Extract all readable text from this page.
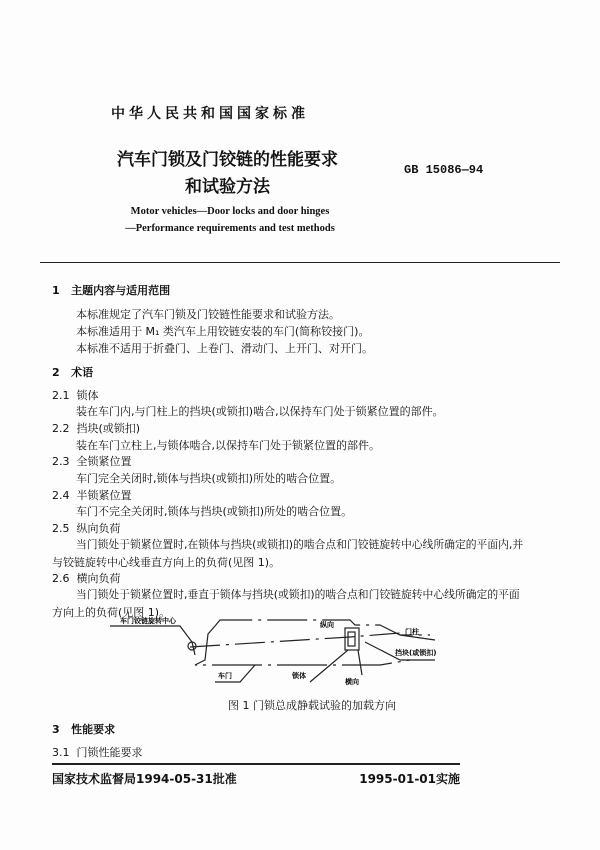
中华人民共和国国家标准
汽车门锁及门铰链的性能要求
和试验方法
GB 15086—94
Motor vehicles—Door locks and door hinges
—Performance requirements and test methods
1 主题内容与适用范围
本标准规定了汽车门锁及门铰链性能要求和试验方法。
本标准适用于 M₁ 类汽车上用铰链安装的车门(简称铰接门)。
本标准不适用于折叠门、上卷门、滑动门、上开门、对开门。
2 术语
2.1 锁体
装在车门内,与门柱上的挡块(或锁扣)啮合,以保持车门处于锁紧位置的部件。
2.2 挡块(或锁扣)
装在车门立柱上,与锁体啮合,以保持车门处于锁紧位置的部件。
2.3 全锁紧位置
车门完全关闭时,锁体与挡块(或锁扣)所处的啮合位置。
2.4 半锁紧位置
车门不完全关闭时,锁体与挡块(或锁扣)所处的啮合位置。
2.5 纵向负荷
当门锁处于锁紧位置时,在锁体与挡块(或锁扣)的啮合点和门铰链旋转中心线所确定的平面内,并
与铰链旋转中心线垂直方向上的负荷(见图 1)。
2.6 横向负荷
当门锁处于锁紧位置时,垂直于锁体与挡块(或锁扣)的啮合点和门铰链旋转中心线所确定的平面
方向上的负荷(见图 1)。
车门铰链旋转中心	纵向
门柱
挡块(或锁扣)
车门	锁体
横向
图 1 门锁总成静载试验的加载方向
3 性能要求
3.1 门锁性能要求
国家技术监督局1994-05-31批准	1995-01-01实施
